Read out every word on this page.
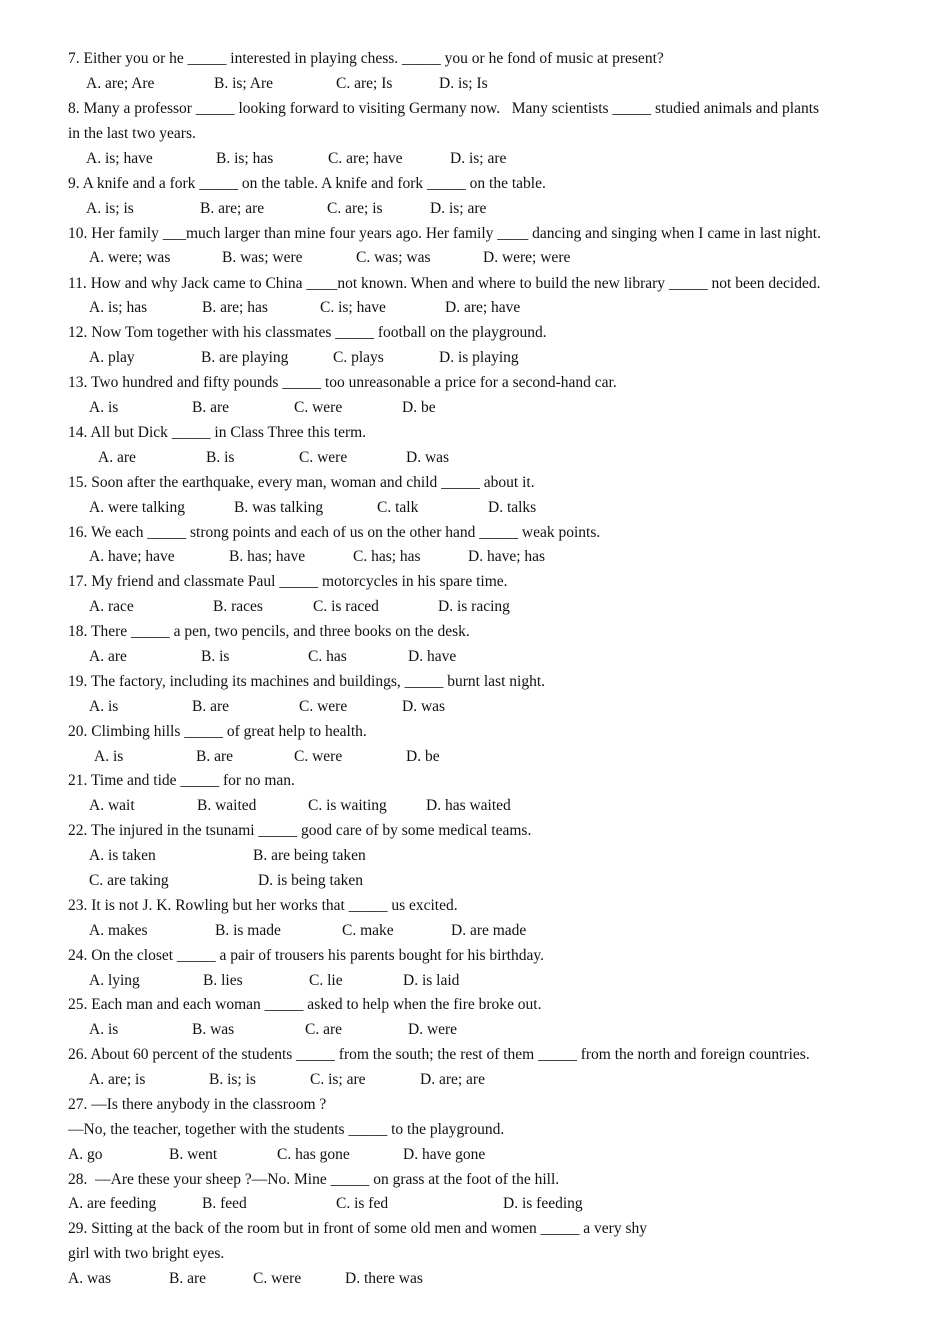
7. Either you or he _____ interested in playing chess. _____ you or he fond of music at present?
A. are; Are	B. is; Are	C. are; Is	D. is; Is
8. Many a professor _____ looking forward to visiting Germany now.   Many scientists _____ studied animals and plants
in the last two years.
A. is; have	B. is; has	C. are; have	D. is; are
9. A knife and a fork _____ on the table. A knife and fork _____ on the table.
A. is; is	B. are; are	C. are; is	D. is; are
10. Her family ___much larger than mine four years ago. Her family ____ dancing and singing when I came in last night.
A. were; was	B. was; were	C. was; was	D. were; were
11. How and why Jack came to China ____not known. When and where to build the new library _____ not been decided.
A. is; has	B. are; has	C. is; have	D. are; have
12. Now Tom together with his classmates _____ football on the playground.
A. play	B. are playing	C. plays	D. is playing
13. Two hundred and fifty pounds _____ too unreasonable a price for a second-hand car.
A. is	B. are	C. were	D. be
14. All but Dick _____ in Class Three this term.
A. are	B. is	C. were	D. was
15. Soon after the earthquake, every man, woman and child _____ about it.
A. were talking	B. was talking	C. talk	D. talks
16. We each _____ strong points and each of us on the other hand _____ weak points.
A. have; have	B. has; have	C. has; has	D. have; has
17. My friend and classmate Paul _____ motorcycles in his spare time.
A. race	B. races	C. is raced	D. is racing
18. There _____ a pen, two pencils, and three books on the desk.
A. are	B. is	C. has	D. have
19. The factory, including its machines and buildings, _____ burnt last night.
A. is	B. are	C. were	D. was
20. Climbing hills _____ of great help to health.
A. is	B. are	C. were	D. be
21. Time and tide _____ for no man.
A. wait	B. waited	C. is waiting	D. has waited
22. The injured in the tsunami _____ good care of by some medical teams.
A. is taken	B. are being taken
C. are taking	D. is being taken
23. It is not J. K. Rowling but her works that _____ us excited.
A. makes	B. is made	C. make	D. are made
24. On the closet _____ a pair of trousers his parents bought for his birthday.
A. lying	B. lies	C. lie	D. is laid
25. Each man and each woman _____ asked to help when the fire broke out.
A. is	B. was	C. are	D. were
26. About 60 percent of the students _____ from the south; the rest of them _____ from the north and foreign countries.
A. are; is	B. is; is	C. is; are	D. are; are
27. —Is there anybody in the classroom ?
—No, the teacher, together with the students _____ to the playground.
A. go	B. went	C. has gone	D. have gone
28.  —Are these your sheep ?—No. Mine _____ on grass at the foot of the hill.
A. are feeding	B. feed	C. is fed	D. is feeding
29. Sitting at the back of the room but in front of some old men and women _____ a very shy
girl with two bright eyes.
A. was	B. are	C. were	D. there was
